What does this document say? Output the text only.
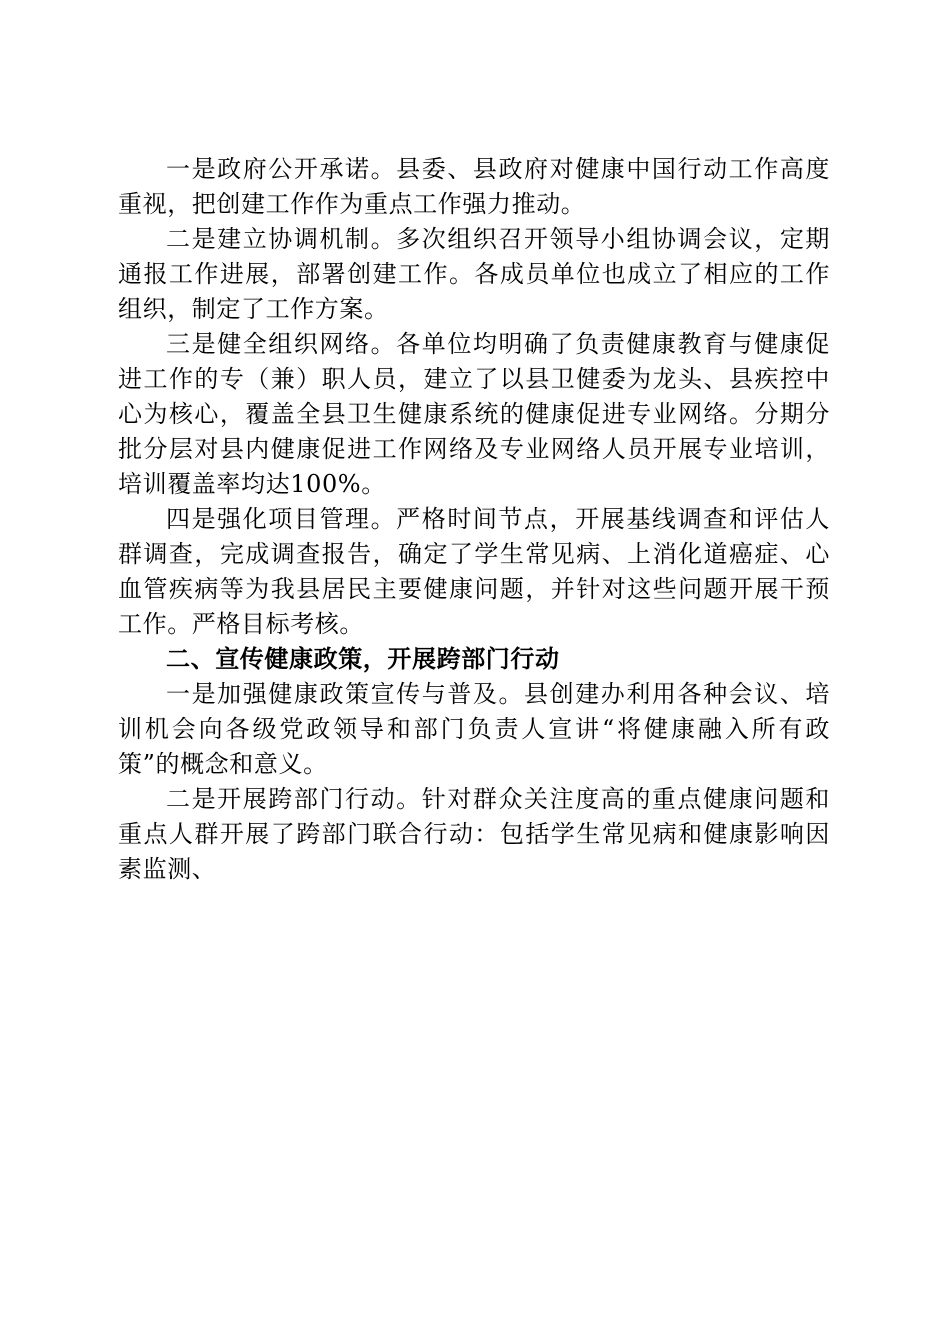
一是政府公开承诺。县委、县政府对健康中国行动工作高度重视，把创建工作作为重点工作强力推动。

二是建立协调机制。多次组织召开领导小组协调会议，定期通报工作进展，部署创建工作。各成员单位也成立了相应的工作组织，制定了工作方案。

三是健全组织网络。各单位均明确了负责健康教育与健康促进工作的专（兼）职人员，建立了以县卫健委为龙头、县疾控中心为核心，覆盖全县卫生健康系统的健康促进专业网络。分期分批分层对县内健康促进工作网络及专业网络人员开展专业培训，培训覆盖率均达100%。

四是强化项目管理。严格时间节点，开展基线调查和评估人群调查，完成调查报告，确定了学生常见病、上消化道癌症、心血管疾病等为我县居民主要健康问题，并针对这些问题开展干预工作。严格目标考核。

二、宣传健康政策，开展跨部门行动

一是加强健康政策宣传与普及。县创建办利用各种会议、培训机会向各级党政领导和部门负责人宣讲“将健康融入所有政策”的概念和意义。

二是开展跨部门行动。针对群众关注度高的重点健康问题和重点人群开展了跨部门联合行动：包括学生常见病和健康影响因素监测、
